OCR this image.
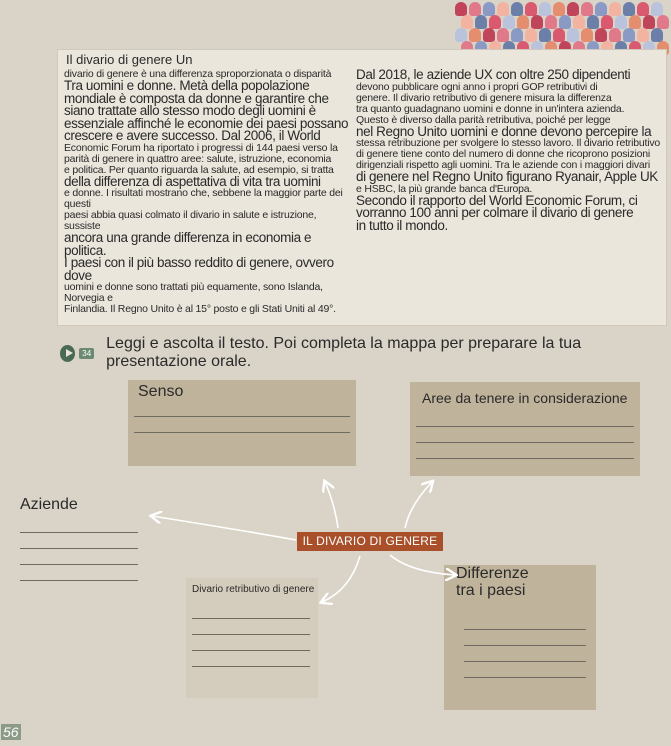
Il divario di genere Un

divario di genere è una differenza sproporzionata o disparità

Tra uomini e donne. Metà della popolazione

mondiale è composta da donne e garantire che

siano trattate allo stesso modo degli uomini è

essenziale affinché le economie dei paesi possano

crescere e avere successo. Dal 2006, il World

Economic Forum ha riportato i progressi di 144 paesi verso la

parità di genere in quattro aree: salute, istruzione, economia

e politica. Per quanto riguarda la salute, ad esempio, si tratta

della differenza di aspettativa di vita tra uomini

e donne. I risultati mostrano che, sebbene la maggior parte dei questi

paesi abbia quasi colmato il divario in salute e istruzione, sussiste

ancora una grande differenza in economia e politica.

I paesi con il più basso reddito di genere, ovvero dove

uomini e donne sono trattati più equamente, sono Islanda, Norvegia e

Finlandia. Il Regno Unito è al 15° posto e gli Stati Uniti al 49°.

Dal 2018, le aziende UX con oltre 250 dipendenti

devono pubblicare ogni anno i propri GOP retributivi di

genere. Il divario retributivo di genere misura la differenza

tra quanto guadagnano uomini e donne in un'intera azienda.

Questo è diverso dalla parità retributiva, poiché per legge

nel Regno Unito uomini e donne devono percepire la

stessa retribuzione per svolgere lo stesso lavoro. Il divario retributivo

di genere tiene conto del numero di donne che ricoprono posizioni

dirigenziali rispetto agli uomini. Tra le aziende con i maggiori divari

di genere nel Regno Unito figurano Ryanair, Apple UK

e HSBC, la più grande banca d'Europa.

Secondo il rapporto del World Economic Forum, ci

vorranno 100 anni per colmare il divario di genere

in tutto il mondo.

34
Leggi e ascolta il testo. Poi completa la mappa per preparare la tua presentazione orale.
Senso	Aree da tenere in considerazione
Aziende
IL DIVARIO DI GENERE
Differenze
tra i paesi
Divario retributivo di genere
56
